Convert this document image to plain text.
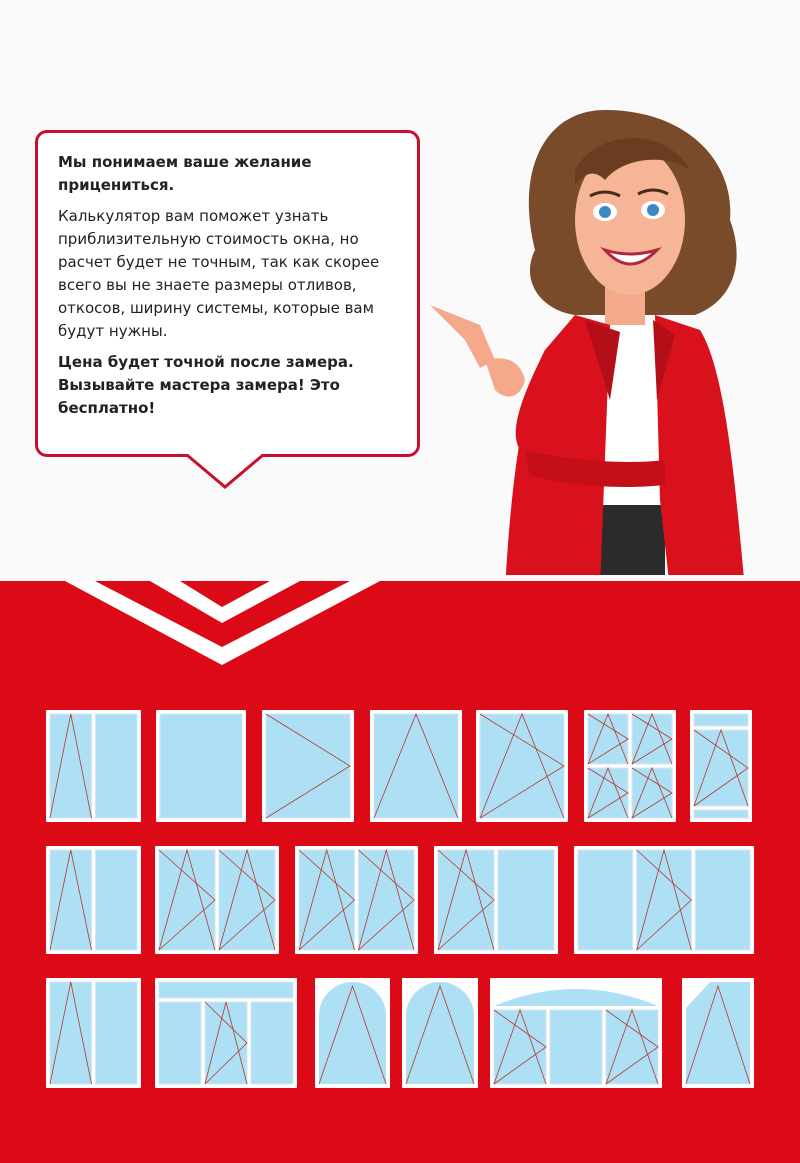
Мы понимаем ваше желание прицениться.

Калькулятор вам поможет узнать приблизительную стоимость окна, но расчет будет не точным, так как скорее всего вы не знаете размеры отливов, откосов, ширину системы, которые вам будут нужны.

Цена будет точной после замера. Вызывайте мастера замера! Это бесплатно!
